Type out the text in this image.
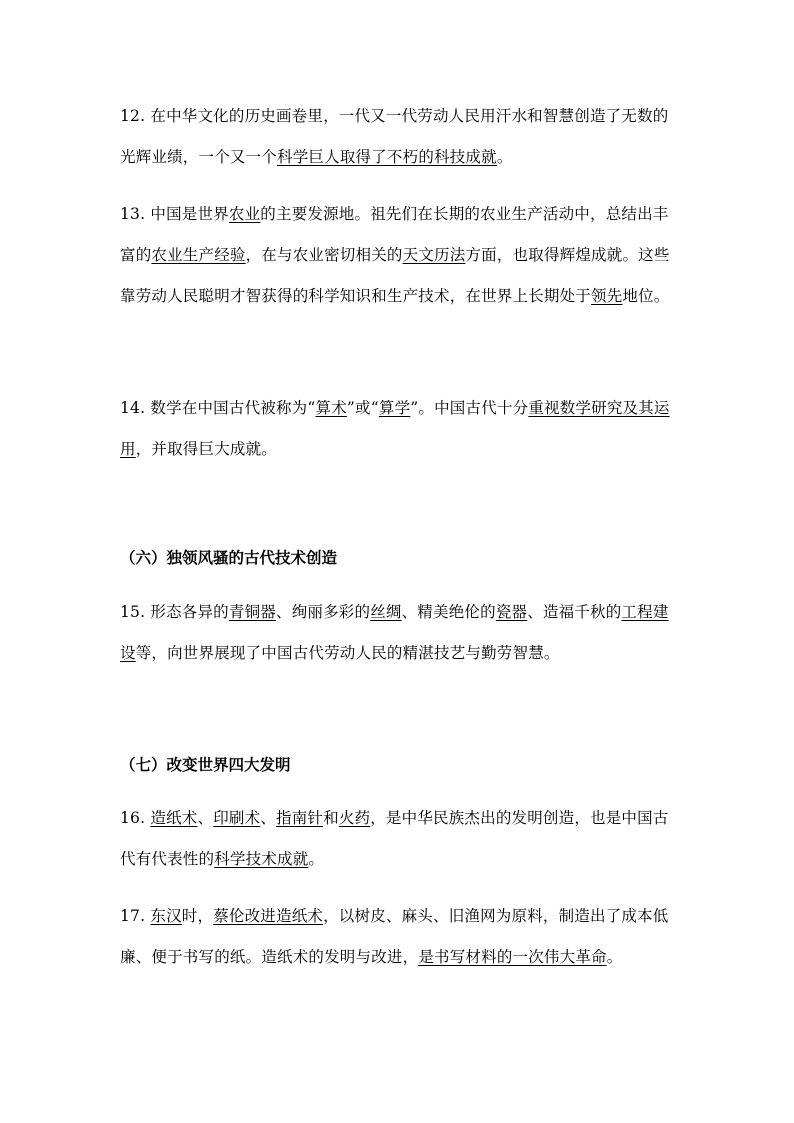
12. 在中华文化的历史画卷里，一代又一代劳动人民用汗水和智慧创造了无数的光辉业绩，一个又一个科学巨人取得了不朽的科技成就。
13. 中国是世界农业的主要发源地。祖先们在长期的农业生产活动中，总结出丰富的农业生产经验，在与农业密切相关的天文历法方面，也取得辉煌成就。这些靠劳动人民聪明才智获得的科学知识和生产技术，在世界上长期处于领先地位。
14. 数学在中国古代被称为“算术”或“算学”。中国古代十分重视数学研究及其运用，并取得巨大成就。
（六）独领风骚的古代技术创造
15. 形态各异的青铜器、绚丽多彩的丝绸、精美绝伦的瓷器、造福千秋的工程建设等，向世界展现了中国古代劳动人民的精湛技艺与勤劳智慧。
（七）改变世界四大发明
16. 造纸术、印刷术、指南针和火药，是中华民族杰出的发明创造，也是中国古代有代表性的科学技术成就。
17. 东汉时，蔡伦改进造纸术，以树皮、麻头、旧渔网为原料，制造出了成本低廉、便于书写的纸。造纸术的发明与改进，是书写材料的一次伟大革命。
